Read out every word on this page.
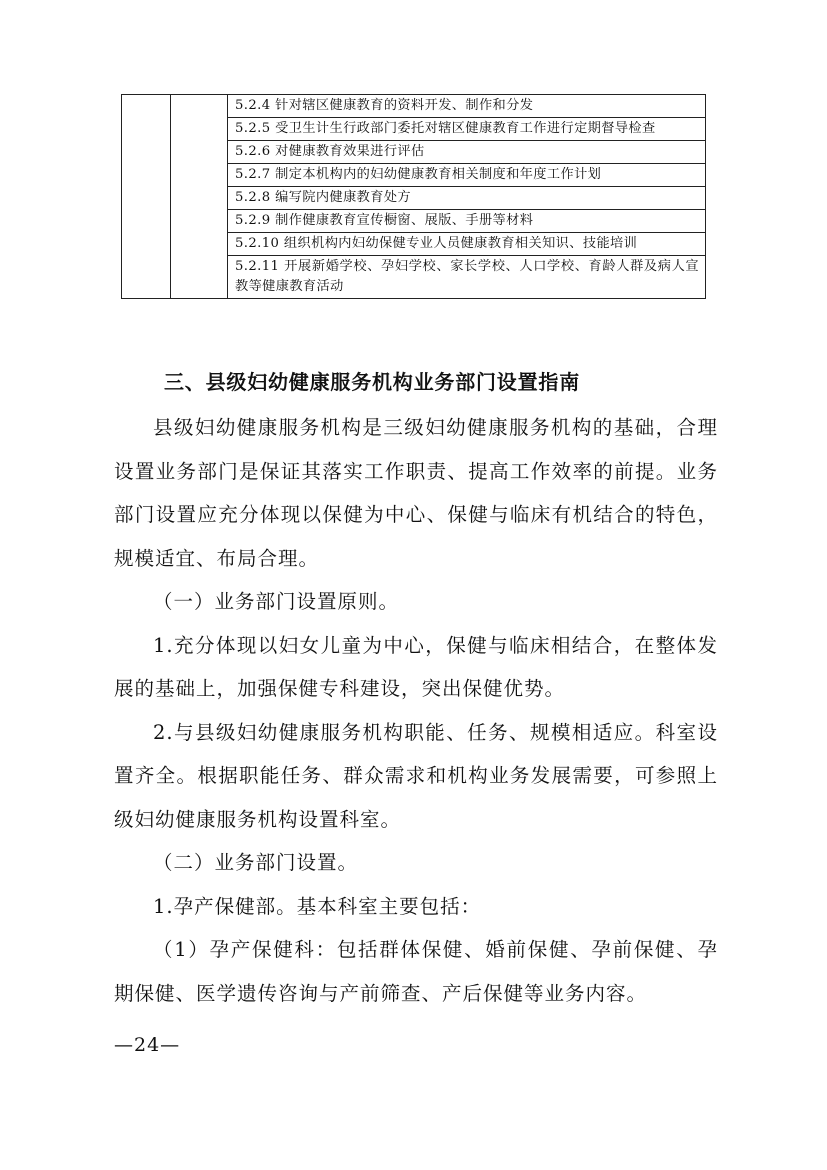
		5.2.4 针对辖区健康教育的资料开发、制作和分发
5.2.5 受卫生计生行政部门委托对辖区健康教育工作进行定期督导检查
5.2.6 对健康教育效果进行评估
5.2.7 制定本机构内的妇幼健康教育相关制度和年度工作计划
5.2.8 编写院内健康教育处方
5.2.9 制作健康教育宣传橱窗、展版、手册等材料
5.2.10 组织机构内妇幼保健专业人员健康教育相关知识、技能培训
5.2.11 开展新婚学校、孕妇学校、家长学校、人口学校、育龄人群及病人宣教等健康教育活动
三、县级妇幼健康服务机构业务部门设置指南

县级妇幼健康服务机构是三级妇幼健康服务机构的基础，合理设置业务部门是保证其落实工作职责、提高工作效率的前提。业务部门设置应充分体现以保健为中心、保健与临床有机结合的特色，规模适宜、布局合理。

（一）业务部门设置原则。

1.充分体现以妇女儿童为中心，保健与临床相结合，在整体发展的基础上，加强保健专科建设，突出保健优势。

2.与县级妇幼健康服务机构职能、任务、规模相适应。科室设置齐全。根据职能任务、群众需求和机构业务发展需要，可参照上级妇幼健康服务机构设置科室。

（二）业务部门设置。

1.孕产保健部。基本科室主要包括：

（1）孕产保健科：包括群体保健、婚前保健、孕前保健、孕期保健、医学遗传咨询与产前筛查、产后保健等业务内容。

—24—
